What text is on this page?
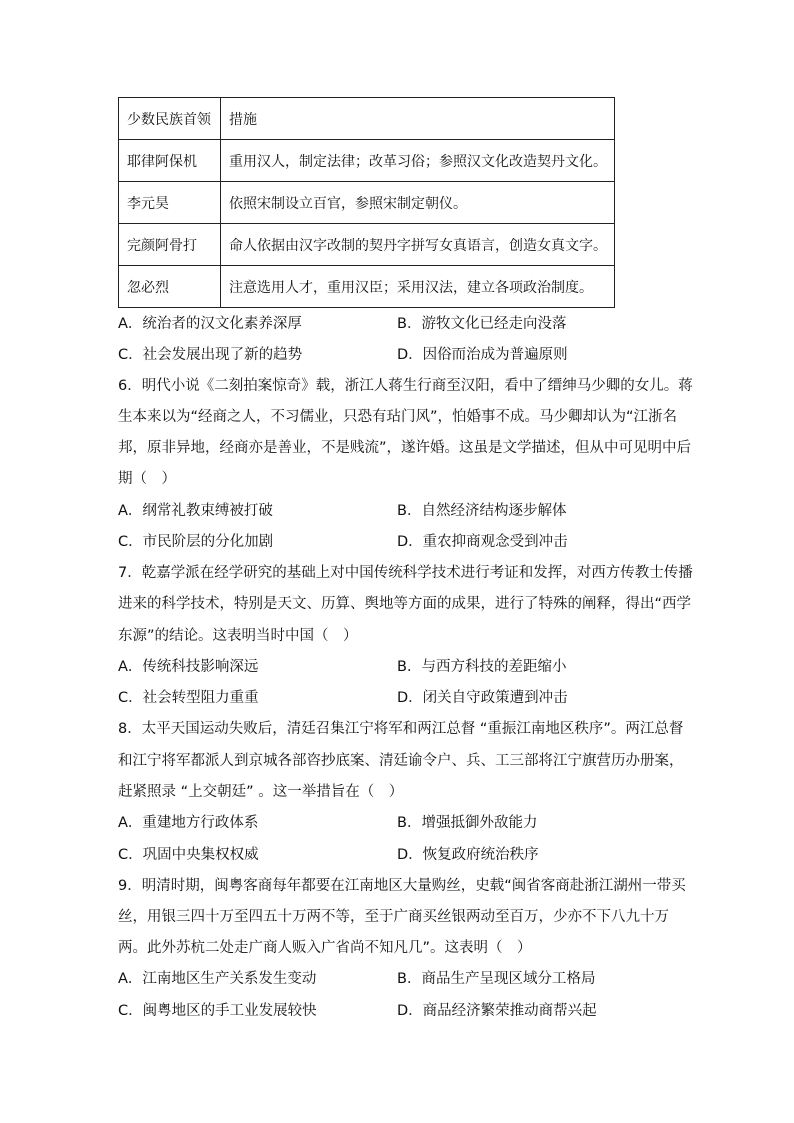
少数民族首领	措施
耶律阿保机	重用汉人，制定法律；改革习俗；参照汉文化改造契丹文化。
李元昊	依照宋制设立百官，参照宋制定朝仪。
完颜阿骨打	命人依据由汉字改制的契丹字拼写女真语言，创造女真文字。
忽必烈	注意选用人才，重用汉臣；采用汉法，建立各项政治制度。
A．统治者的汉文化素养深厚	B．游牧文化已经走向没落
C．社会发展出现了新的趋势	D．因俗而治成为普遍原则
6．明代小说《二刻拍案惊奇》载，浙江人蒋生行商至汉阳，看中了缙绅马少卿的女儿。蒋
生本来以为“经商之人，不习儒业，只恐有玷门风”，怕婚事不成。马少卿却认为“江浙名
邦，原非异地，经商亦是善业，不是贱流”，遂许婚。这虽是文学描述，但从中可见明中后
期（　）
A．纲常礼教束缚被打破	B．自然经济结构逐步解体
C．市民阶层的分化加剧	D．重农抑商观念受到冲击
7．乾嘉学派在经学研究的基础上对中国传统科学技术进行考证和发挥，对西方传教士传播
进来的科学技术，特别是天文、历算、舆地等方面的成果，进行了特殊的阐释，得出“西学
东源”的结论。这表明当时中国（　）
A．传统科技影响深远	B．与西方科技的差距缩小
C．社会转型阻力重重	D．闭关自守政策遭到冲击
8．太平天国运动失败后，清廷召集江宁将军和两江总督 “重振江南地区秩序”。两江总督
和江宁将军都派人到京城各部咨抄底案、清廷谕令户、兵、工三部将江宁旗营历办册案，
赶紧照录 “上交朝廷” 。这一举措旨在（　）
A．重建地方行政体系	B．增强抵御外敌能力
C．巩固中央集权权威	D．恢复政府统治秩序
9．明清时期，闽粤客商每年都要在江南地区大量购丝，史载“闽省客商赴浙江湖州一带买
丝，用银三四十万至四五十万两不等，至于广商买丝银两动至百万，少亦不下八九十万
两。此外苏杭二处走广商人贩入广省尚不知凡几”。这表明（　）
A．江南地区生产关系发生变动	B．商品生产呈现区域分工格局
C．闽粤地区的手工业发展较快	D．商品经济繁荣推动商帮兴起
